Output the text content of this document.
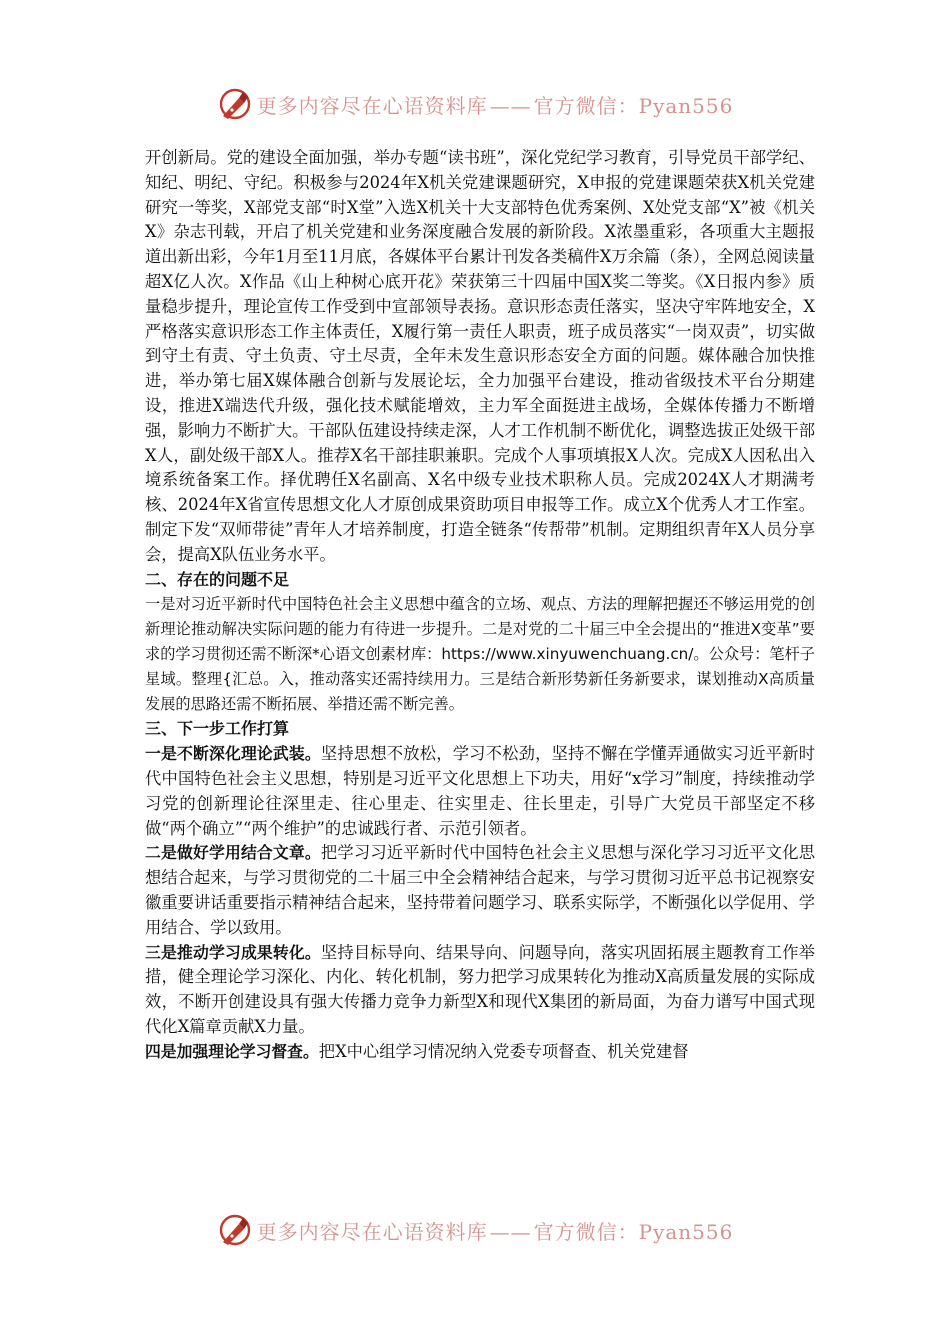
更多内容尽在心语资料库 —— 官方微信：Pyan556

开创新局。党的建设全面加强，举办专题“读书班”，深化党纪学习教育，引导党员干部学纪、知纪、明纪、守纪。积极参与2024年X机关党建课题研究，X申报的党建课题荣获X机关党建研究一等奖，X部党支部“时X堂”入选X机关十大支部特色优秀案例、X处党支部“X”被《机关X》杂志刊载，开启了机关党建和业务深度融合发展的新阶段。X浓墨重彩，各项重大主题报道出新出彩，今年1月至11月底，各媒体平台累计刊发各类稿件X万余篇（条），全网总阅读量超X亿人次。X作品《山上种树心底开花》荣获第三十四届中国X奖二等奖。《X日报内参》质量稳步提升，理论宣传工作受到中宣部领导表扬。意识形态责任落实，坚决守牢阵地安全，X严格落实意识形态工作主体责任，X履行第一责任人职责，班子成员落实“一岗双责”，切实做到守土有责、守土负责、守土尽责，全年未发生意识形态安全方面的问题。媒体融合加快推进，举办第七届X媒体融合创新与发展论坛，全力加强平台建设，推动省级技术平台分期建设，推进X端迭代升级，强化技术赋能增效，主力军全面挺进主战场，全媒体传播力不断增强，影响力不断扩大。干部队伍建设持续走深，人才工作机制不断优化，调整选拔正处级干部X人，副处级干部X人。推荐X名干部挂职兼职。完成个人事项填报X人次。完成X人因私出入境系统备案工作。择优聘任X名副高、X名中级专业技术职称人员。完成2024X人才期满考核、2024年X省宣传思想文化人才原创成果资助项目申报等工作。成立X个优秀人才工作室。制定下发“双师带徒”青年人才培养制度，打造全链条“传帮带”机制。定期组织青年X人员分享会，提高X队伍业务水平。

二、存在的问题不足

一是对习近平新时代中国特色社会主义思想中蕴含的立场、观点、方法的理解把握还不够运用党的创新理论推动解决实际问题的能力有待进一步提升。二是对党的二十届三中全会提出的“推进X变革”要求的学习贯彻还需不断深*心语文创素材库：https://www.xinyuwenchuang.cn/。公众号：笔杆子星域。整理{汇总。入，推动落实还需持续用力。三是结合新形势新任务新要求，谋划推动X高质量发展的思路还需不断拓展、举措还需不断完善。

三、下一步工作打算

一是不断深化理论武装。坚持思想不放松，学习不松劲，坚持不懈在学懂弄通做实习近平新时代中国特色社会主义思想，特别是习近平文化思想上下功夫，用好“x学习”制度，持续推动学习党的创新理论往深里走、往心里走、往实里走、往长里走，引导广大党员干部坚定不移做“两个确立”“两个维护”的忠诚践行者、示范引领者。

二是做好学用结合文章。把学习习近平新时代中国特色社会主义思想与深化学习习近平文化思想结合起来，与学习贯彻党的二十届三中全会精神结合起来，与学习贯彻习近平总书记视察安徽重要讲话重要指示精神结合起来，坚持带着问题学习、联系实际学，不断强化以学促用、学用结合、学以致用。

三是推动学习成果转化。坚持目标导向、结果导向、问题导向，落实巩固拓展主题教育工作举措，健全理论学习深化、内化、转化机制，努力把学习成果转化为推动X高质量发展的实际成效，不断开创建设具有强大传播力竞争力新型X和现代X集团的新局面，为奋力谱写中国式现代化X篇章贡献X力量。

四是加强理论学习督查。把X中心组学习情况纳入党委专项督查、机关党建督

更多内容尽在心语资料库 —— 官方微信：Pyan556
